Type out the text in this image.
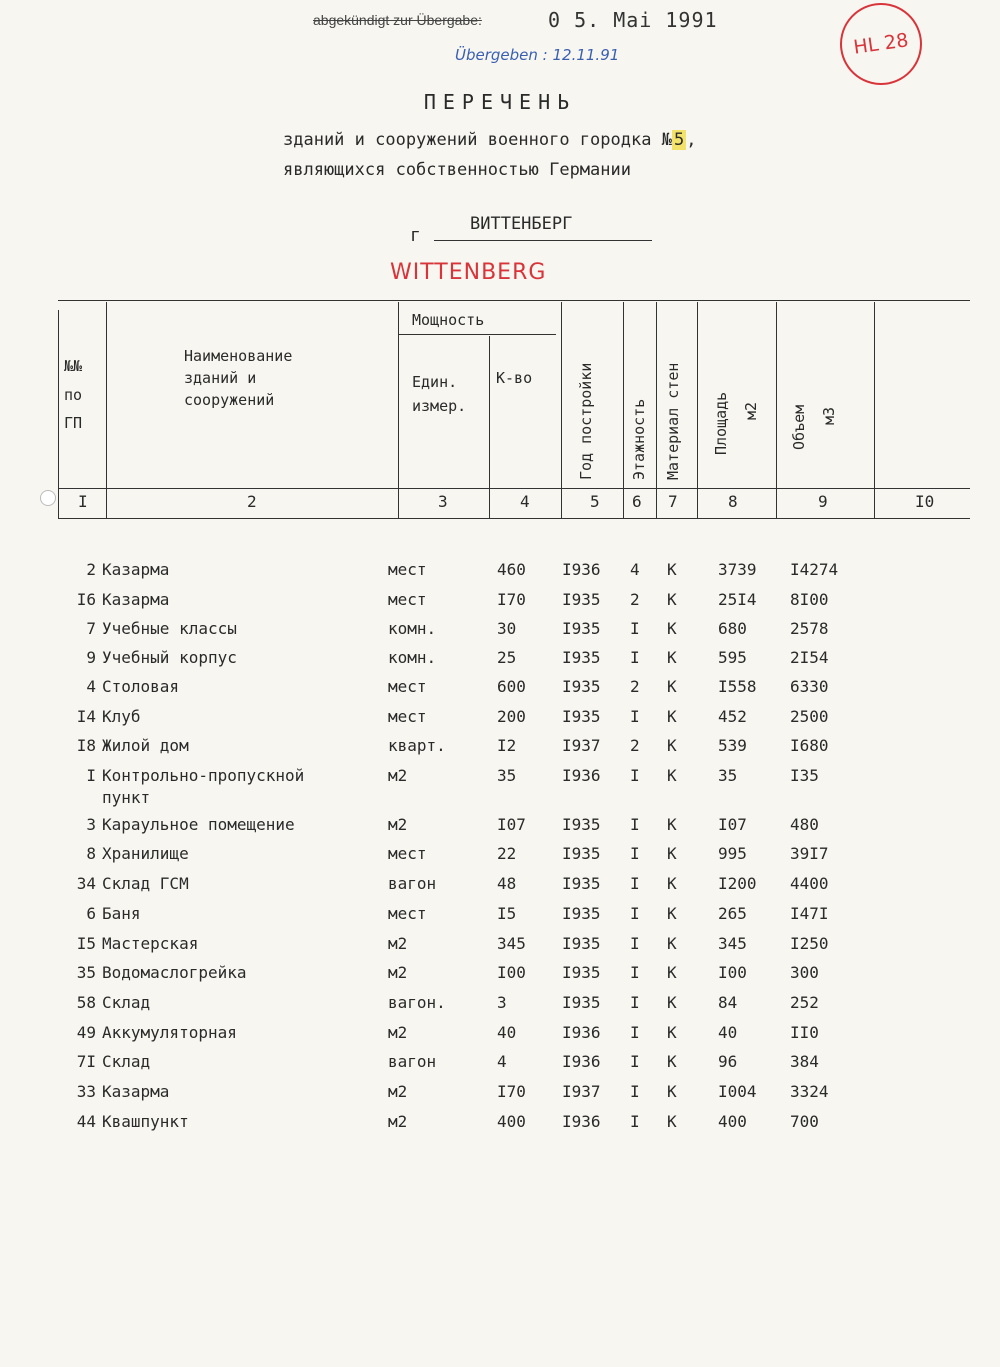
abgekündigt zur Übergabe:	0 5. Mai 1991
Übergeben : 12.11.91	HL 28
ПЕРЕЧЕНЬ
зданий и сооружений военного городка № 5 ,
являющихся собственностью Германии
г
ВИТТЕНБЕРГ
WITTENBERG
№№
по
ГП
Наименование
зданий и
сооружений
Мощность
Един.
измер.
К-во	Год постройки Этажность Материал стен Площадь м2 Объем м3
I	2	3	4	5 6 7	8	9	I0
2 Казарма	мест	460 I936 4 К	3739 I4274
I6 Казарма	мест	I70 I935 2 К	25I4 8I00
7 Учебные классы	комн.	30	I935 I К	680	2578
9 Учебный корпус	комн.	25	I935 I К	595	2I54
4 Столовая	мест	600 I935 2 К	I558 6330
I4 Клуб	мест	200 I935 I К	452	2500
I8 Жилой дом	кварт.	I2	I937 2 К	539	I680
I Контрольно-пропускной	м2	35	I936 I К	35	I35
пункт
3 Караульное помещение	м2	I07 I935 I К	I07	480
8 Хранилище	мест	22	I935 I К	995	39I7
34 Склад ГСМ	вагон	48	I935 I К	I200 4400
6 Баня	мест	I5	I935 I К	265	I47I
I5 Мастерская	м2	345 I935 I К	345	I250
35 Водомаслогрейка	м2	I00 I935 I К	I00	300
58 Склад	вагон.	3	I935 I К	84	252
49 Аккумуляторная	м2	40	I936 I К	40	II0
7I Склад	вагон	4	I936 I К	96	384
33 Казарма	м2	I70 I937 I К	I004 3324
44 Квашпункт	м2	400 I936 I К	400	700
